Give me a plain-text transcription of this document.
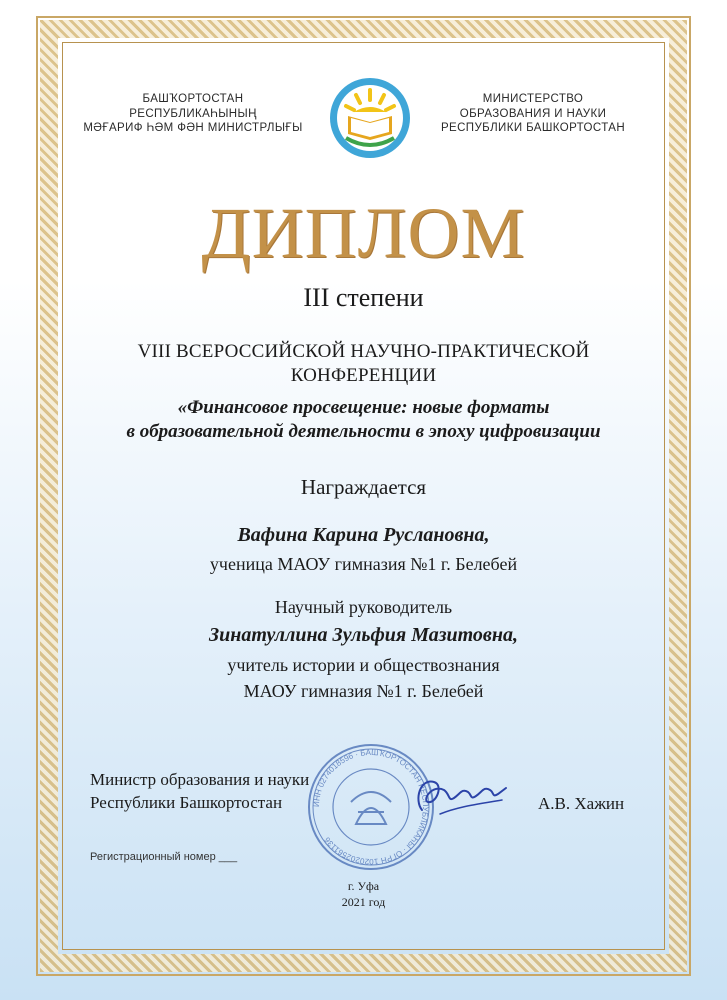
БАШҠОРТОСТАН
РЕСПУБЛИКАҺЫНЫҢ
МӘҒАРИФ ҺӘМ ФӘН МИНИСТРЛЫҒЫ
МИНИСТЕРСТВО
ОБРАЗОВАНИЯ И НАУКИ
РЕСПУБЛИКИ БАШКОРТОСТАН
ДИПЛОМ
III степени
VIII ВСЕРОССИЙСКОЙ НАУЧНО-ПРАКТИЧЕСКОЙ
КОНФЕРЕНЦИИ
«Финансовое просвещение: новые форматы
в образовательной деятельности в эпоху цифровизации
Награждается
Вафина Карина Руслановна,
ученица МАОУ гимназия №1 г. Белебей
Научный руководитель
Зинатуллина Зульфия Мазитовна,
учитель истории и обществознания
МАОУ гимназия №1 г. Белебей
ИНН 0274018596 · БАШҠОРТОСТАН РЕСПУБЛИКАҺЫ · ОГРН 1020202561136
Министр образования и науки
Республики Башкортостан	А.В. Хажин
Регистрационный номер ___
г. Уфа
2021 год
